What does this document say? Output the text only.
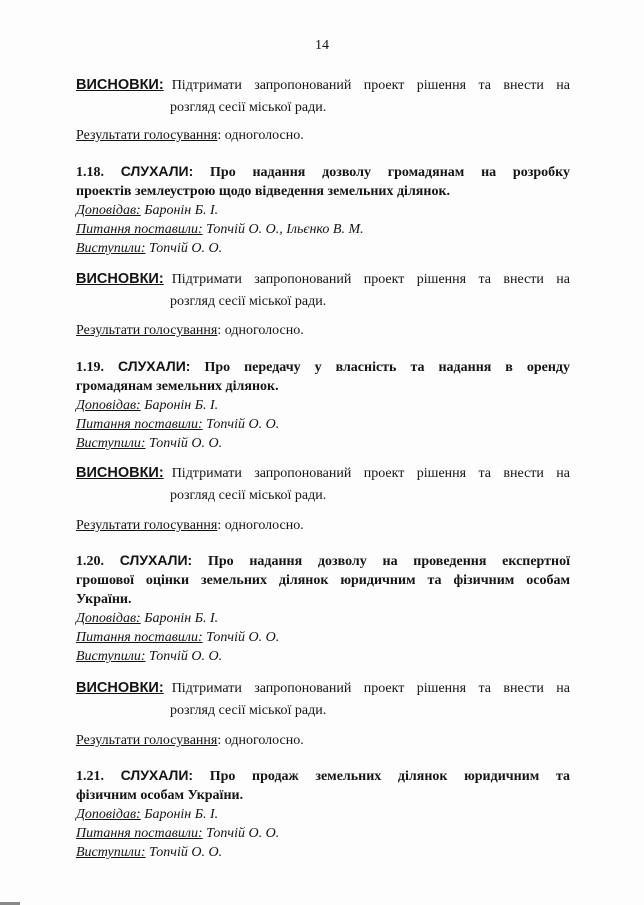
14
ВИСНОВКИ: Підтримати запропонований проект рішення та внести на
розгляд сесії міської ради.
Результати голосування: одноголосно.
1.18. СЛУХАЛИ: Про надання дозволу громадянам на розробку
проектів землеустрою щодо відведення земельних ділянок.
Доповідав: Баронін Б. І.
Питання поставили: Топчій О. О., Ільєнко В. М.
Виступили: Топчій О. О.
ВИСНОВКИ: Підтримати запропонований проект рішення та внести на
розгляд сесії міської ради.
Результати голосування: одноголосно.
1.19. СЛУХАЛИ: Про передачу у власність та надання в оренду
громадянам земельних ділянок.
Доповідав: Баронін Б. І.
Питання поставили: Топчій О. О.
Виступили: Топчій О. О.
ВИСНОВКИ: Підтримати запропонований проект рішення та внести на
розгляд сесії міської ради.
Результати голосування: одноголосно.
1.20. СЛУХАЛИ: Про надання дозволу на проведення експертної
грошової оцінки земельних ділянок юридичним та фізичним особам
України.
Доповідав: Баронін Б. І.
Питання поставили: Топчій О. О.
Виступили: Топчій О. О.
ВИСНОВКИ: Підтримати запропонований проект рішення та внести на
розгляд сесії міської ради.
Результати голосування: одноголосно.
1.21. СЛУХАЛИ: Про продаж земельних ділянок юридичним та
фізичним особам України.
Доповідав: Баронін Б. І.
Питання поставили: Топчій О. О.
Виступили: Топчій О. О.
